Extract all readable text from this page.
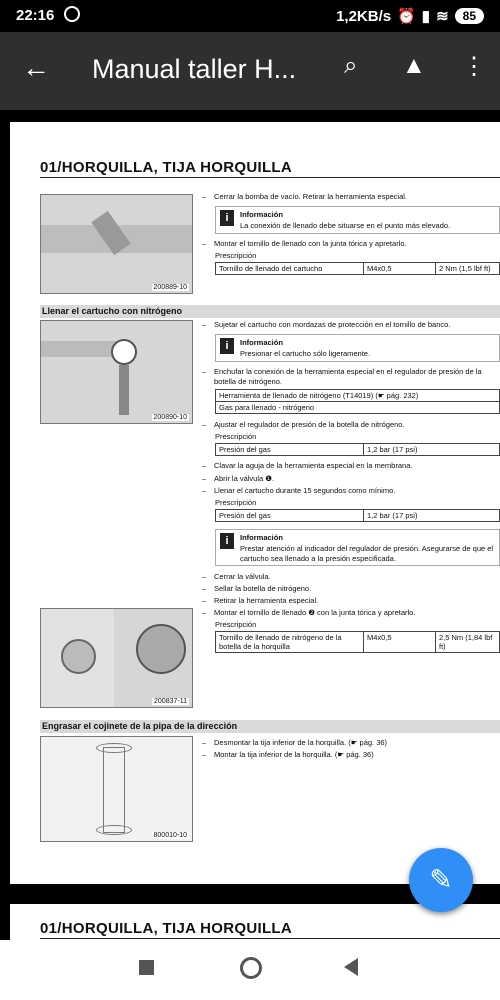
22:16	1,2KB/s ⏰ ▮ ≋	85
← Manual taller H... ⌕ ▲ ⋮
01/HORQUILLA, TIJA HORQUILLA
200889-10
– Cerrar la bomba de vacío. Retirar la herramienta especial.
i	Información
La conexión de llenado debe situarse en el punto más elevado.
– Montar el tornillo de llenado con la junta tórica y apretarlo.
Prescripción
Tornillo de llenado del cartucho	M4x0,5	2 Nm (1,5 lbf ft)
Llenar el cartucho con nitrógeno
200890-10
– Sujetar el cartucho con mordazas de protección en el tornillo de banco.
i	Información
Presionar el cartucho sólo ligeramente.
– Enchufar la conexión de la herramienta especial en el regulador de presión de la botella de nitrógeno.
Herramienta de llenado de nitrógeno (T14019) (☛ pág. 232)
Gas para llenado - nitrógeno
– Ajustar el regulador de presión de la botella de nitrógeno.
Prescripción
Presión del gas	1,2 bar (17 psi)
– Clavar la aguja de la herramienta especial en la membrana.
– Abrir la válvula ❶.
– Llenar el cartucho durante 15 segundos como mínimo.
Prescripción
Presión del gas	1,2 bar (17 psi)
i	Información
Prestar atención al indicador del regulador de presión. Asegurarse de que el cartucho sea llenado a la presión especificada.
– Cerrar la válvula.
– Sellar la botella de nitrógeno.
– Retirar la herramienta especial.
– Montar el tornillo de llenado ❷ con la junta tórica y apretarlo.
Prescripción
Tornillo de llenado de nitrógeno de la botella de la horquilla	M4x0,5	2,5 Nm (1,84 lbf ft)
200837-11
Engrasar el cojinete de la pipa de la dirección
800010-10
– Desmontar la tija inferior de la horquilla. (☛ pág. 36)
– Montar la tija inferior de la horquilla. (☛ pág. 36)
01/HORQUILLA, TIJA HORQUILLA
✎
